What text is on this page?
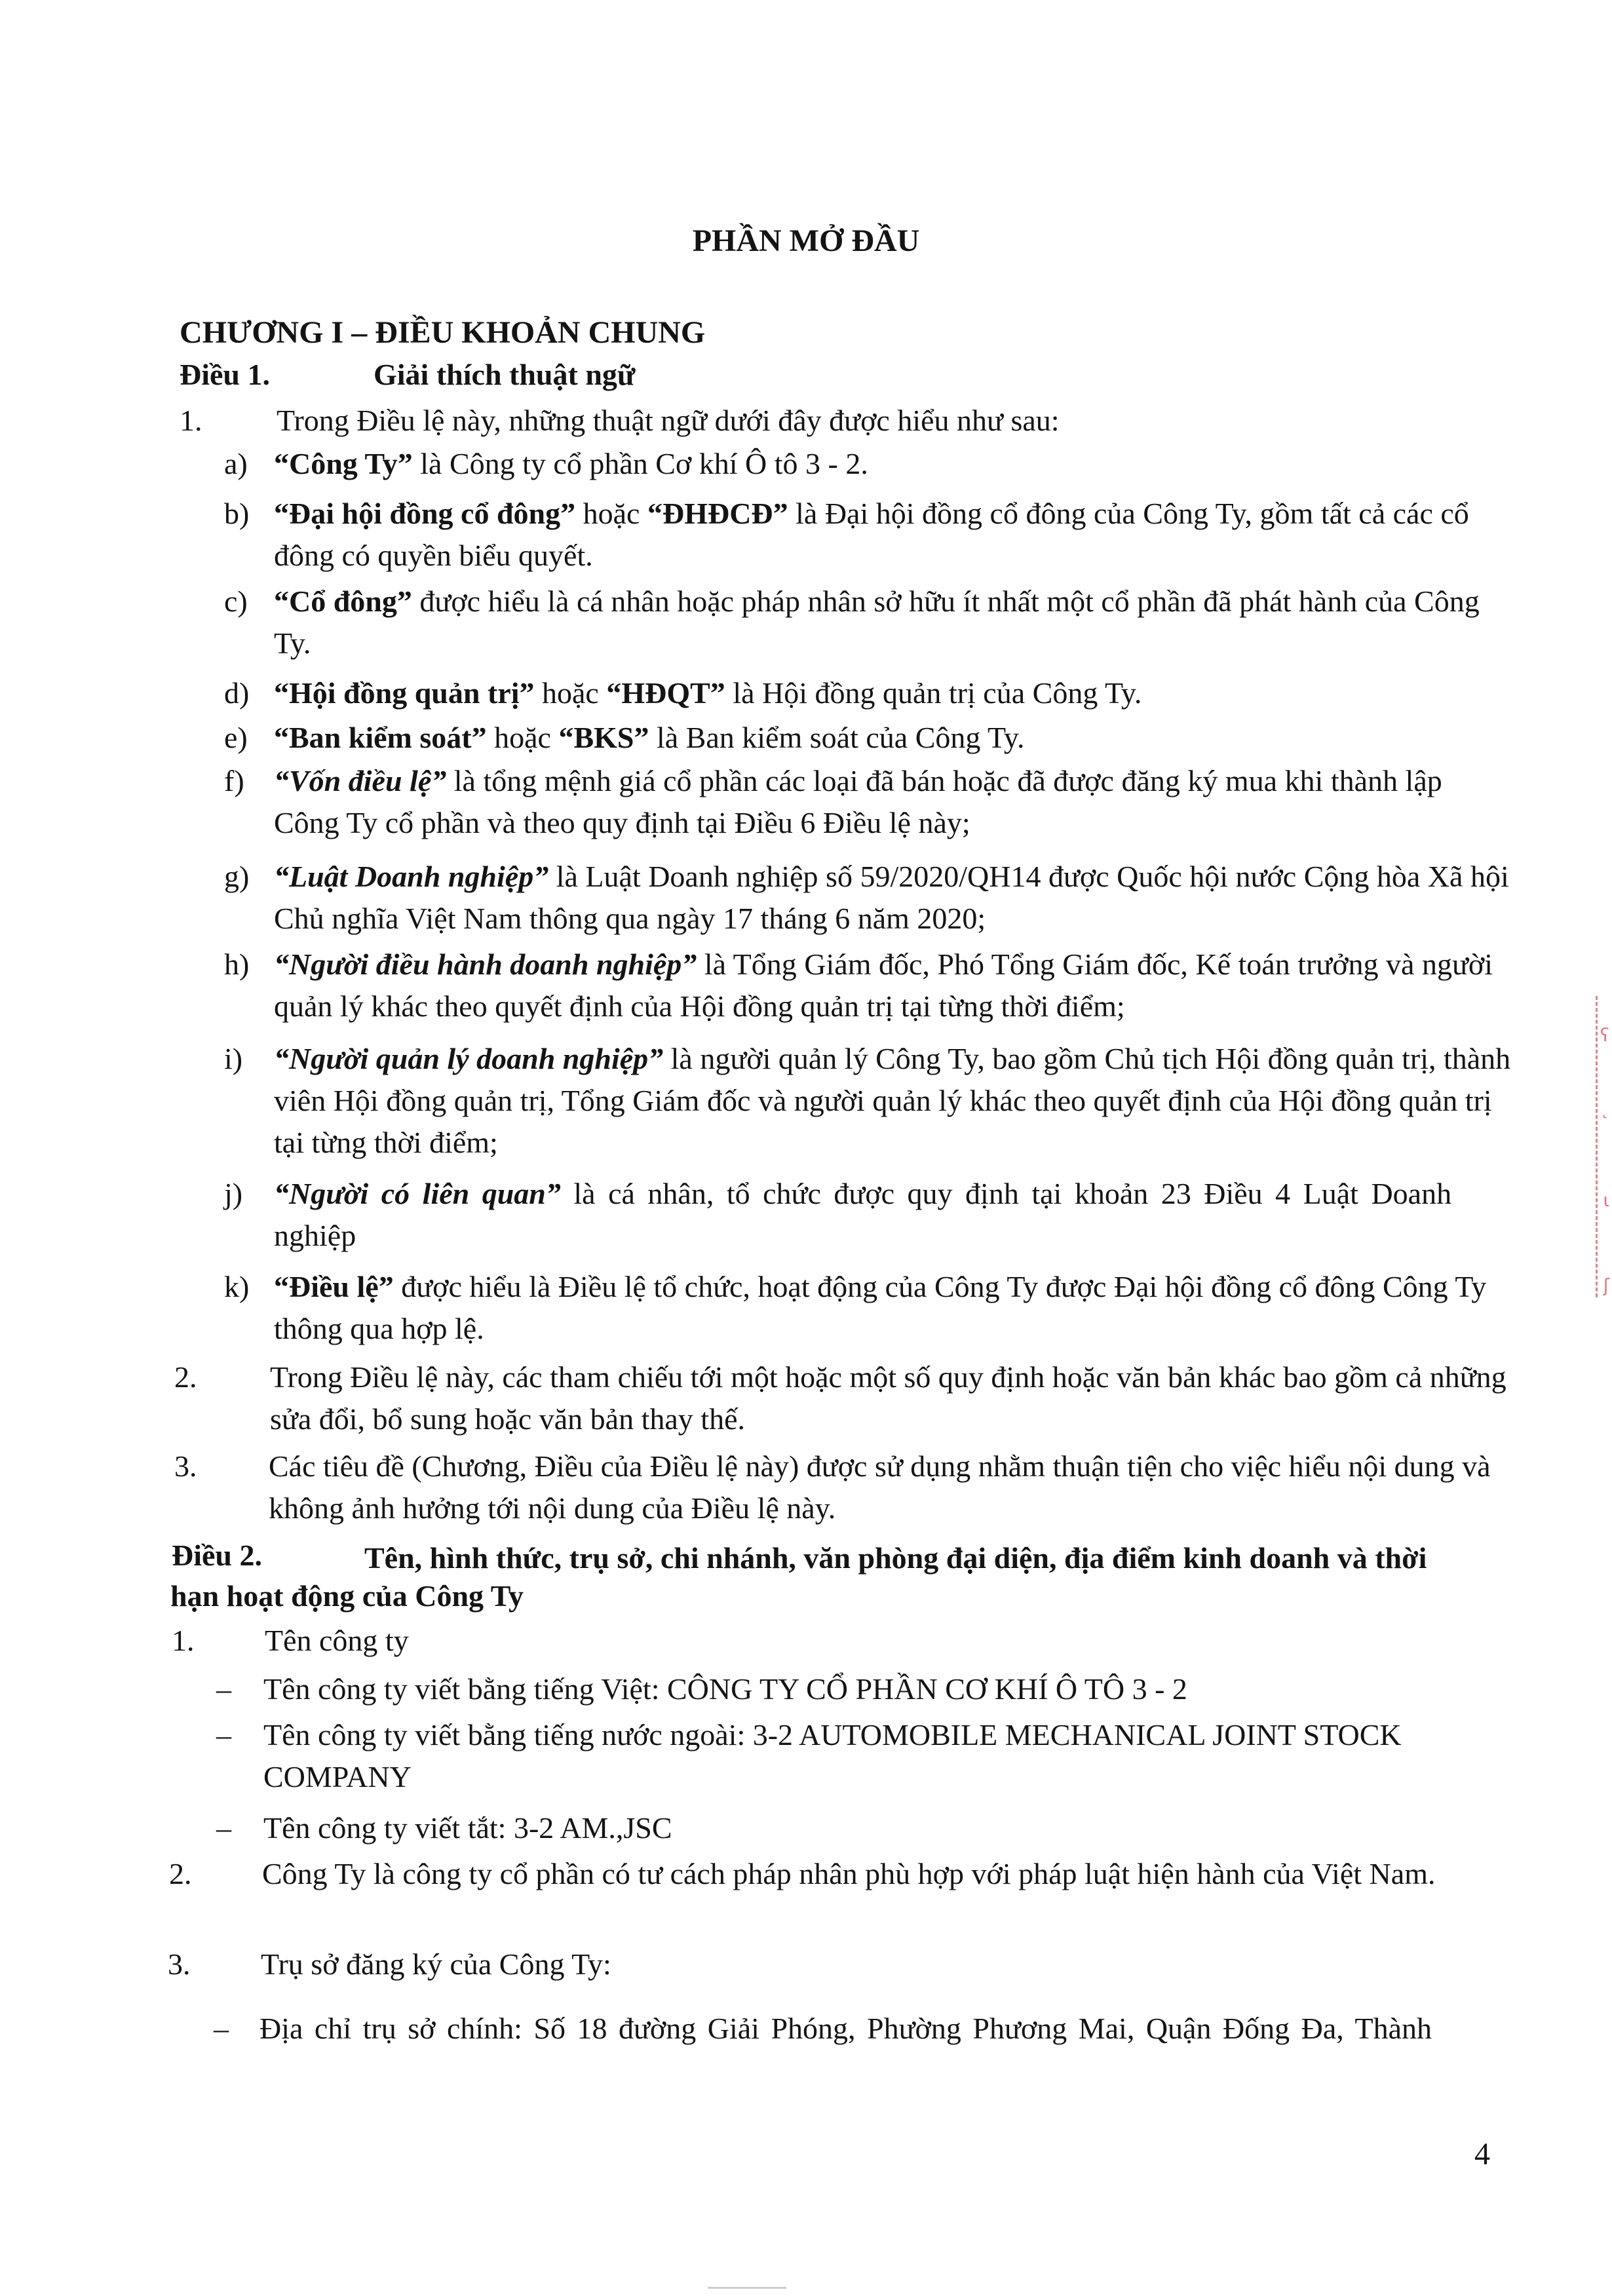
PHẦN MỞ ĐẦU
CHƯƠNG I – ĐIỀU KHOẢN CHUNG
Điều 1.	Giải thích thuật ngữ
1.	Trong Điều lệ này, những thuật ngữ dưới đây được hiểu như sau:
a) “Công Ty” là Công ty cổ phần Cơ khí Ô tô 3 - 2.
b) “Đại hội đồng cổ đông” hoặc “ĐHĐCĐ” là Đại hội đồng cổ đông của Công Ty, gồm tất cả các cổ đông có quyền biểu quyết.
c) “Cổ đông” được hiểu là cá nhân hoặc pháp nhân sở hữu ít nhất một cổ phần đã phát hành của Công Ty.
d) “Hội đồng quản trị” hoặc “HĐQT” là Hội đồng quản trị của Công Ty.
e) “Ban kiểm soát” hoặc “BKS” là Ban kiểm soát của Công Ty.
f) “Vốn điều lệ” là tổng mệnh giá cổ phần các loại đã bán hoặc đã được đăng ký mua khi thành lập Công Ty cổ phần và theo quy định tại Điều 6 Điều lệ này;
g) “Luật Doanh nghiệp” là Luật Doanh nghiệp số 59/2020/QH14 được Quốc hội nước Cộng hòa Xã hội Chủ nghĩa Việt Nam thông qua ngày 17 tháng 6 năm 2020;
h) “Người điều hành doanh nghiệp” là Tổng Giám đốc, Phó Tổng Giám đốc, Kế toán trưởng và người quản lý khác theo quyết định của Hội đồng quản trị tại từng thời điểm;
i)	“Người quản lý doanh nghiệp” là người quản lý Công Ty, bao gồm Chủ tịch Hội đồng quản trị, thành viên Hội đồng quản trị, Tổng Giám đốc và người quản lý khác theo quyết định của Hội đồng quản trị tại từng thời điểm;
j)	“Người có liên quan” là cá nhân, tổ chức được quy định tại khoản 23 Điều 4 Luật Doanh nghiệp
k) “Điều lệ” được hiểu là Điều lệ tổ chức, hoạt động của Công Ty được Đại hội đồng cổ đông Công Ty thông qua hợp lệ.
2.	Trong Điều lệ này, các tham chiếu tới một hoặc một số quy định hoặc văn bản khác bao gồm cả những sửa đổi, bổ sung hoặc văn bản thay thế.
3.	Các tiêu đề (Chương, Điều của Điều lệ này) được sử dụng nhằm thuận tiện cho việc hiểu nội dung và không ảnh hưởng tới nội dung của Điều lệ này.
Điều 2.	Tên, hình thức, trụ sở, chi nhánh, văn phòng đại diện, địa điểm kinh doanh và thời
hạn hoạt động của Công Ty
1.	Tên công ty
–	Tên công ty viết bằng tiếng Việt: CÔNG TY CỔ PHẦN CƠ KHÍ Ô TÔ 3 - 2
–	Tên công ty viết bằng tiếng nước ngoài: 3-2 AUTOMOBILE MECHANICAL JOINT STOCK COMPANY
–	Tên công ty viết tắt: 3-2 AM.,JSC
2.	Công Ty là công ty cổ phần có tư cách pháp nhân phù hợp với pháp luật hiện hành của Việt Nam.
3.	Trụ sở đăng ký của Công Ty:
–	Địa chỉ trụ sở chính: Số 18 đường Giải Phóng, Phường Phương Mai, Quận Đống Đa, Thành
4
ʕ
˛
ɩ
ʃ
